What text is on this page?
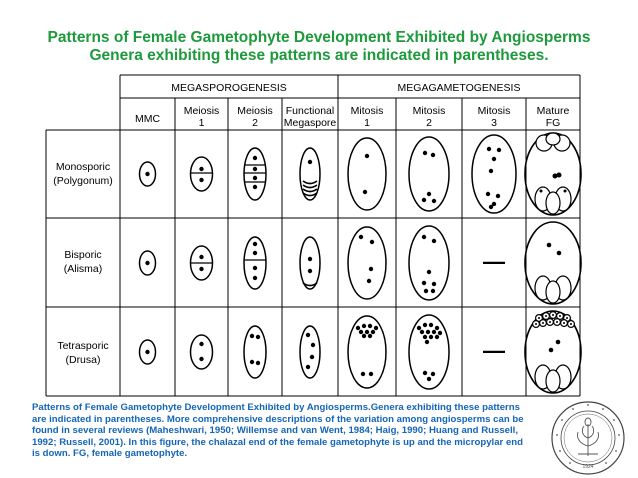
Patterns of Female Gametophyte Development Exhibited by Angiosperms
Genera exhibiting these patterns are indicated in parentheses.
MEGASPOROGENESIS	MEGAGAMETOGENESIS
MMC
Meiosis
1
Meiosis
2
Functional
Megaspore
Mitosis
1
Mitosis
2
Mitosis
3
Mature
FG
Monosporic
(Polygonum)
Bisporic
(Alisma)
Tetrasporic
(Drusa)
—
—
Patterns of Female Gametophyte Development Exhibited by Angiosperms.Genera exhibiting these patterns are indicated in parentheses. More comprehensive descriptions of the variation among angiosperms can be found in several reviews (Maheshwari, 1950; Willemse and van Went, 1984; Haig, 1990; Huang and Russell, 1992; Russell, 2001). In this figure, the chalazal end of the female gametophyte is up and the micropylar end is down. FG, female gametophyte.
1924
